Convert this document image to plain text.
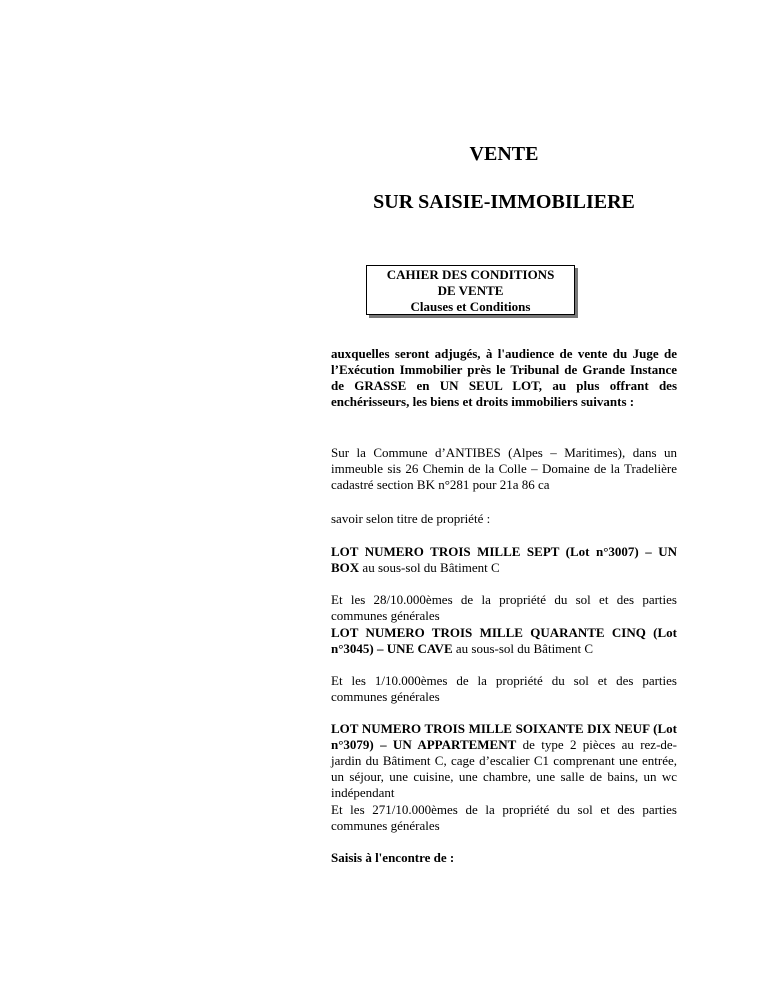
VENTE
SUR SAISIE-IMMOBILIERE
CAHIER DES CONDITIONS
DE VENTE
Clauses et Conditions
auxquelles seront adjugés, à l'audience de vente du Juge de l’Exécution Immobilier près le Tribunal de Grande Instance de GRASSE en UN SEUL LOT, au plus offrant des enchérisseurs, les biens et droits immobiliers suivants :
Sur la Commune d’ANTIBES (Alpes – Maritimes), dans un immeuble sis 26 Chemin de la Colle – Domaine de la Tradelière cadastré section BK n°281 pour 21a 86 ca
savoir selon titre de propriété :
LOT NUMERO TROIS MILLE SEPT (Lot n°3007) – UN BOX au sous-sol du Bâtiment C
Et les 28/10.000èmes de la propriété du sol et des parties communes générales
LOT NUMERO TROIS MILLE QUARANTE CINQ (Lot n°3045) – UNE CAVE au sous-sol du Bâtiment C
Et les 1/10.000èmes de la propriété du sol et des parties communes générales
LOT NUMERO TROIS MILLE SOIXANTE DIX NEUF (Lot n°3079) – UN APPARTEMENT de type 2 pièces au rez-de-jardin du Bâtiment C, cage d’escalier C1 comprenant une entrée, un séjour, une cuisine, une chambre, une salle de bains, un wc indépendant
Et les 271/10.000èmes de la propriété du sol et des parties communes générales
Saisis à l'encontre de :
